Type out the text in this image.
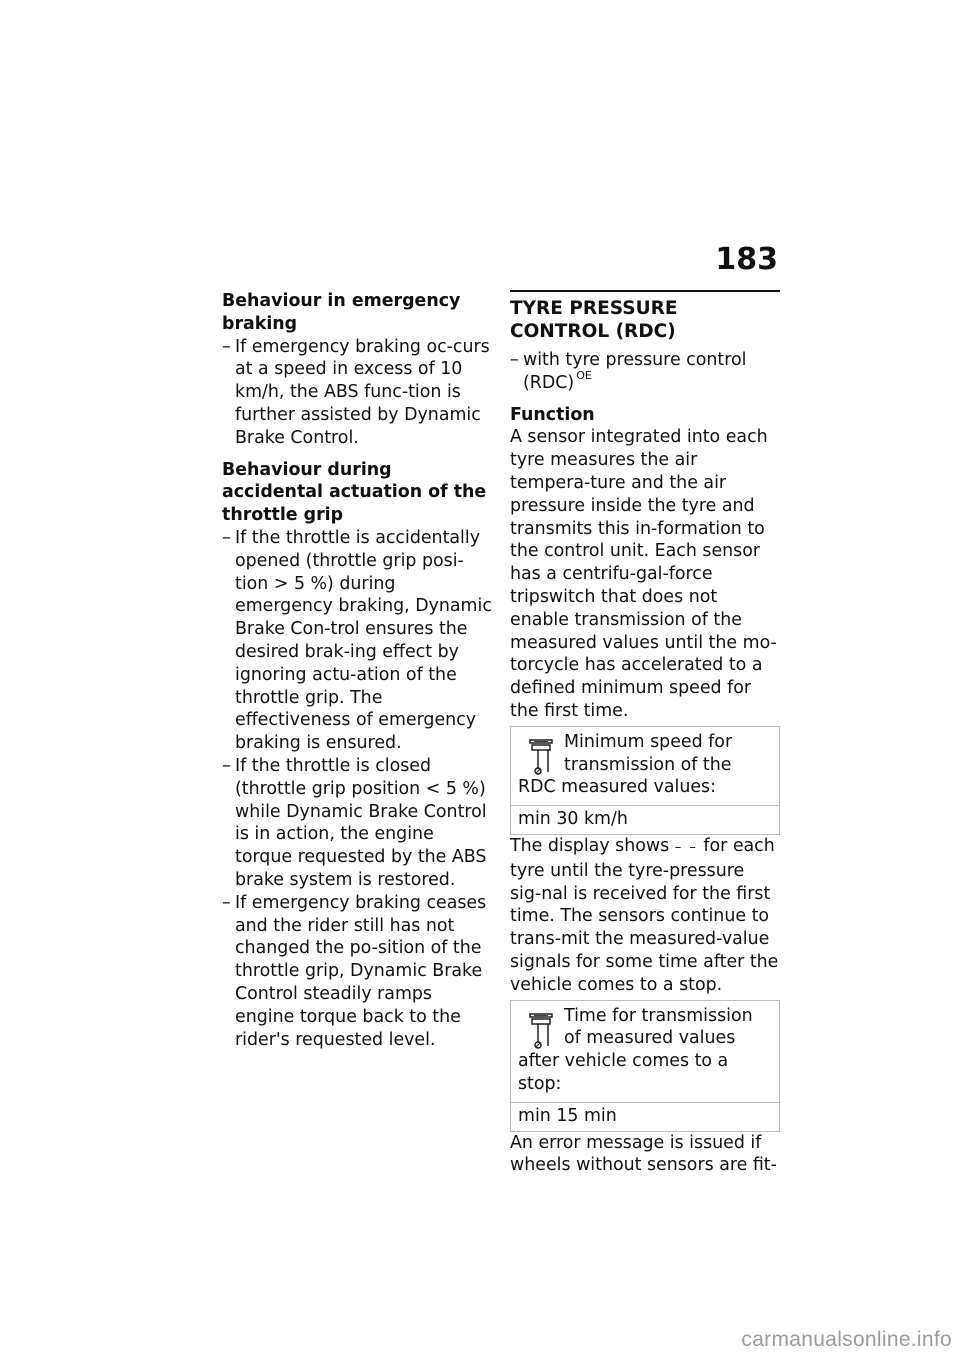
183

Behaviour in emergency braking

– If emergency braking oc-curs at a speed in excess of 10 km/h, the ABS func-tion is further assisted by Dynamic Brake Control.

Behaviour during accidental actuation of the throttle grip

– If the throttle is accidentally opened (throttle grip posi-tion > 5 %) during emergency braking, Dynamic Brake Con-trol ensures the desired brak-ing effect by ignoring actu-ation of the throttle grip. The effectiveness of emergency braking is ensured.
– If the throttle is closed (throttle grip position < 5 %) while Dynamic Brake Control is in action, the engine torque requested by the ABS brake system is restored.
– If emergency braking ceases and the rider still has not changed the po-sition of the throttle grip, Dynamic Brake Control steadily ramps engine torque back to the rider's requested level.

TYRE PRESSURE CONTROL (RDC)

– with tyre pressure control (RDC) $^{OE}$

Function

A sensor integrated into each tyre measures the air tempera-ture and the air pressure inside the tyre and transmits this in-formation to the control unit. Each sensor has a centrifu-gal-force tripswitch that does not enable transmission of the measured values until the mo-torcycle has accelerated to a defined minimum speed for the first time.

Minimum speed for transmission of the RDC measured values:
min 30 km/h

The display shows – – for each tyre until the tyre-pressure sig-nal is received for the first time. The sensors continue to trans-mit the measured-value signals for some time after the vehicle comes to a stop.

Time for transmission of measured values after vehicle comes to a stop:
min 15 min

An error message is issued if wheels without sensors are fit-

carmanualsonline.info
